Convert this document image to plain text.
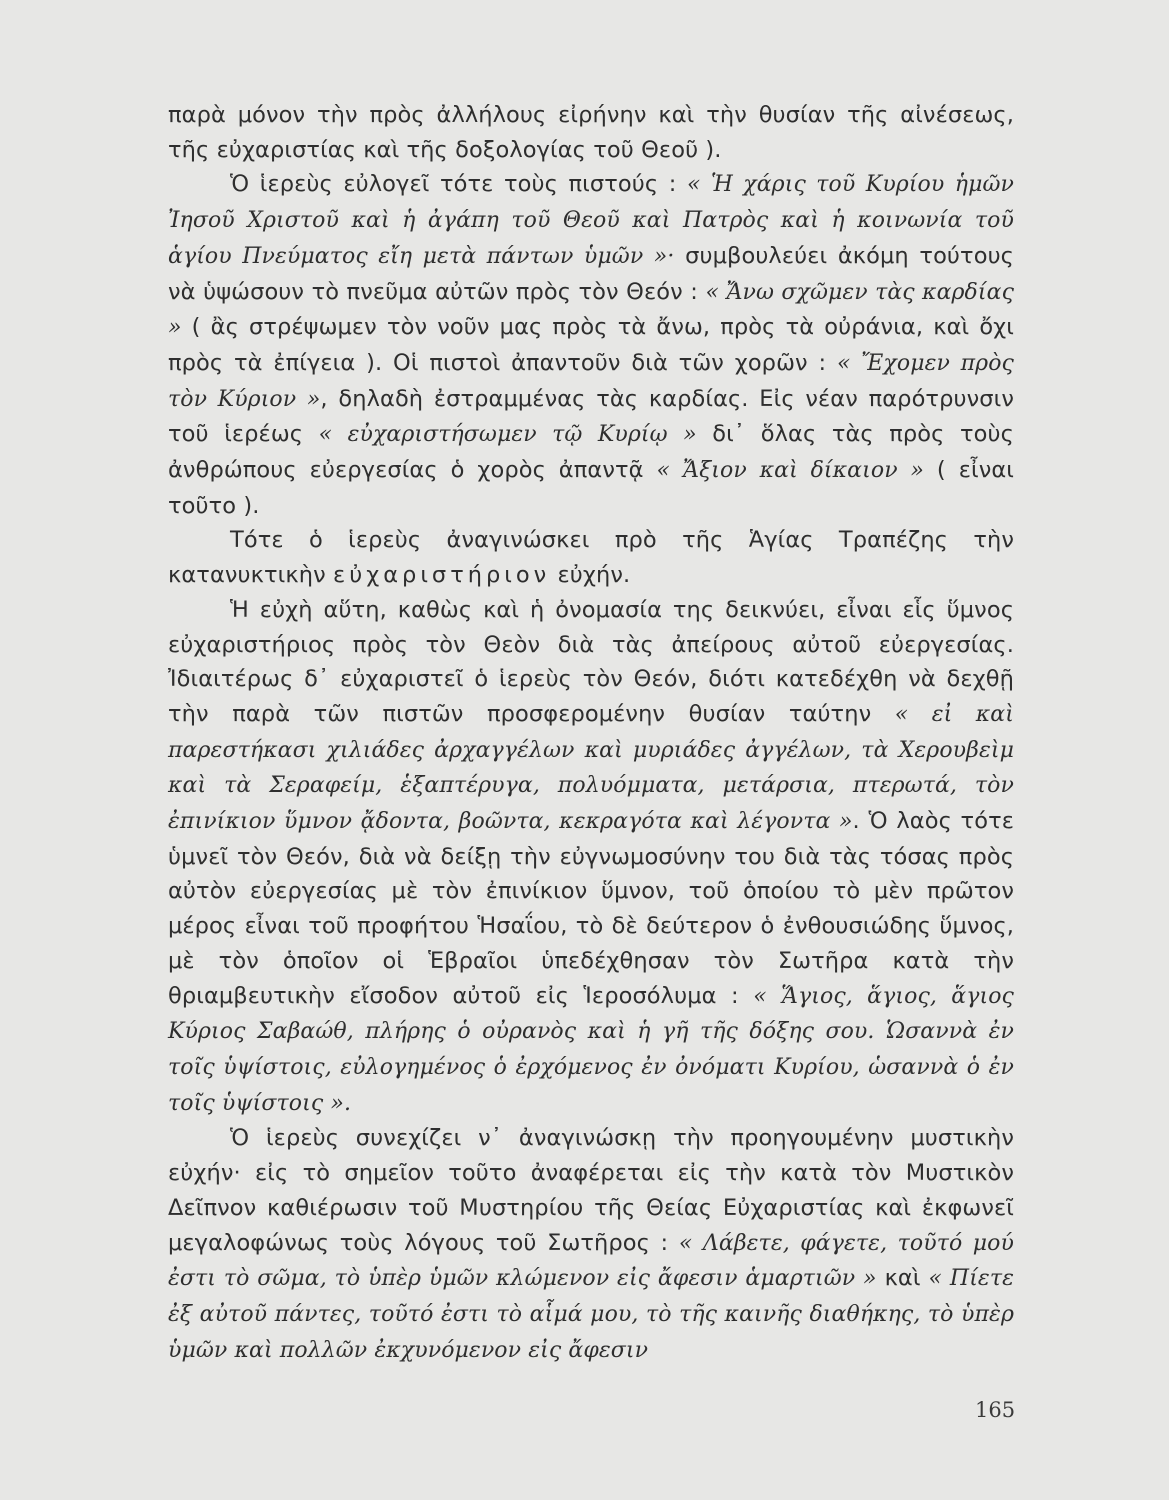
παρὰ μόνον τὴν πρὸς ἀλλήλους εἰρήνην καὶ τὴν θυσίαν τῆς αἰνέσεως, τῆς εὐχαριστίας καὶ τῆς δοξολογίας τοῦ Θεοῦ ).

Ὁ ἱερεὺς εὐλογεῖ τότε τοὺς πιστούς : « Ἡ χάρις τοῦ Κυρίου ἡμῶν Ἰησοῦ Χριστοῦ καὶ ἡ ἀγάπη τοῦ Θεοῦ καὶ Πατρὸς καὶ ἡ κοινωνία τοῦ ἁγίου Πνεύματος εἴη μετὰ πάντων ὑμῶν »· συμβουλεύει ἀκόμη τούτους νὰ ὑψώσουν τὸ πνεῦμα αὐτῶν πρὸς τὸν Θεόν : « Ἄνω σχῶμεν τὰς καρδίας » ( ἂς στρέψωμεν τὸν νοῦν μας πρὸς τὰ ἄνω, πρὸς τὰ οὐράνια, καὶ ὄχι πρὸς τὰ ἐπίγεια ). Οἱ πιστοὶ ἀπαντοῦν διὰ τῶν χορῶν : « Ἔχομεν πρὸς τὸν Κύριον », δηλαδὴ ἐστραμμένας τὰς καρδίας. Εἰς νέαν παρότρυνσιν τοῦ ἱερέως « εὐχαριστήσωμεν τῷ Κυρίῳ » δι᾽ ὅλας τὰς πρὸς τοὺς ἀνθρώπους εὐεργεσίας ὁ χορὸς ἀπαντᾷ « Ἄξιον καὶ δίκαιον » ( εἶναι τοῦτο ).

Τότε ὁ ἱερεὺς ἀναγινώσκει πρὸ τῆς Ἁγίας Τραπέζης τὴν κατανυκτικὴν εὐχαριστήριον εὐχήν.

Ἡ εὐχὴ αὕτη, καθὼς καὶ ἡ ὀνομασία της δεικνύει, εἶναι εἷς ὕμνος εὐχαριστήριος πρὸς τὸν Θεὸν διὰ τὰς ἀπείρους αὐτοῦ εὐεργεσίας. Ἰδιαιτέρως δ᾽ εὐχαριστεῖ ὁ ἱερεὺς τὸν Θεόν, διότι κατεδέχθη νὰ δεχθῇ τὴν παρὰ τῶν πιστῶν προσφερομένην θυσίαν ταύτην « εἰ καὶ παρεστήκασι χιλιάδες ἀρχαγγέλων καὶ μυριάδες ἀγγέλων, τὰ Χερουβεὶμ καὶ τὰ Σεραφείμ, ἑξαπτέρυγα, πολυόμματα, μετάρσια, πτερωτά, τὸν ἐπινίκιον ὕμνον ᾄδοντα, βοῶντα, κεκραγότα καὶ λέγοντα ». Ὁ λαὸς τότε ὑμνεῖ τὸν Θεόν, διὰ νὰ δείξῃ τὴν εὐγνωμοσύνην του διὰ τὰς τόσας πρὸς αὐτὸν εὐεργεσίας μὲ τὸν ἐπινίκιον ὕμνον, τοῦ ὁποίου τὸ μὲν πρῶτον μέρος εἶναι τοῦ προφήτου Ἡσαΐου, τὸ δὲ δεύτερον ὁ ἐνθουσιώδης ὕμνος, μὲ τὸν ὁποῖον οἱ Ἑβραῖοι ὑπεδέχθησαν τὸν Σωτῆρα κατὰ τὴν θριαμβευτικὴν εἴσοδον αὐτοῦ εἰς Ἱεροσόλυμα : « Ἅγιος, ἅγιος, ἅγιος Κύριος Σαβαώθ, πλήρης ὁ οὐρανὸς καὶ ἡ γῆ τῆς δόξης σου. Ὡσαννὰ ἐν τοῖς ὑψίστοις, εὐλογημένος ὁ ἐρχόμενος ἐν ὀνόματι Κυρίου, ὡσαννὰ ὁ ἐν τοῖς ὑψίστοις ».

Ὁ ἱερεὺς συνεχίζει ν᾽ ἀναγινώσκῃ τὴν προηγουμένην μυστικὴν εὐχήν· εἰς τὸ σημεῖον τοῦτο ἀναφέρεται εἰς τὴν κατὰ τὸν Μυστικὸν Δεῖπνον καθιέρωσιν τοῦ Μυστηρίου τῆς Θείας Εὐχαριστίας καὶ ἐκφωνεῖ μεγαλοφώνως τοὺς λόγους τοῦ Σωτῆρος : « Λάβετε, φάγετε, τοῦτό μού ἐστι τὸ σῶμα, τὸ ὑπὲρ ὑμῶν κλώμενον εἰς ἄφεσιν ἁμαρτιῶν » καὶ « Πίετε ἐξ αὐτοῦ πάντες, τοῦτό ἐστι τὸ αἷμά μου, τὸ τῆς καινῆς διαθήκης, τὸ ὑπὲρ ὑμῶν καὶ πολλῶν ἐκχυνόμενον εἰς ἄφεσιν

165
